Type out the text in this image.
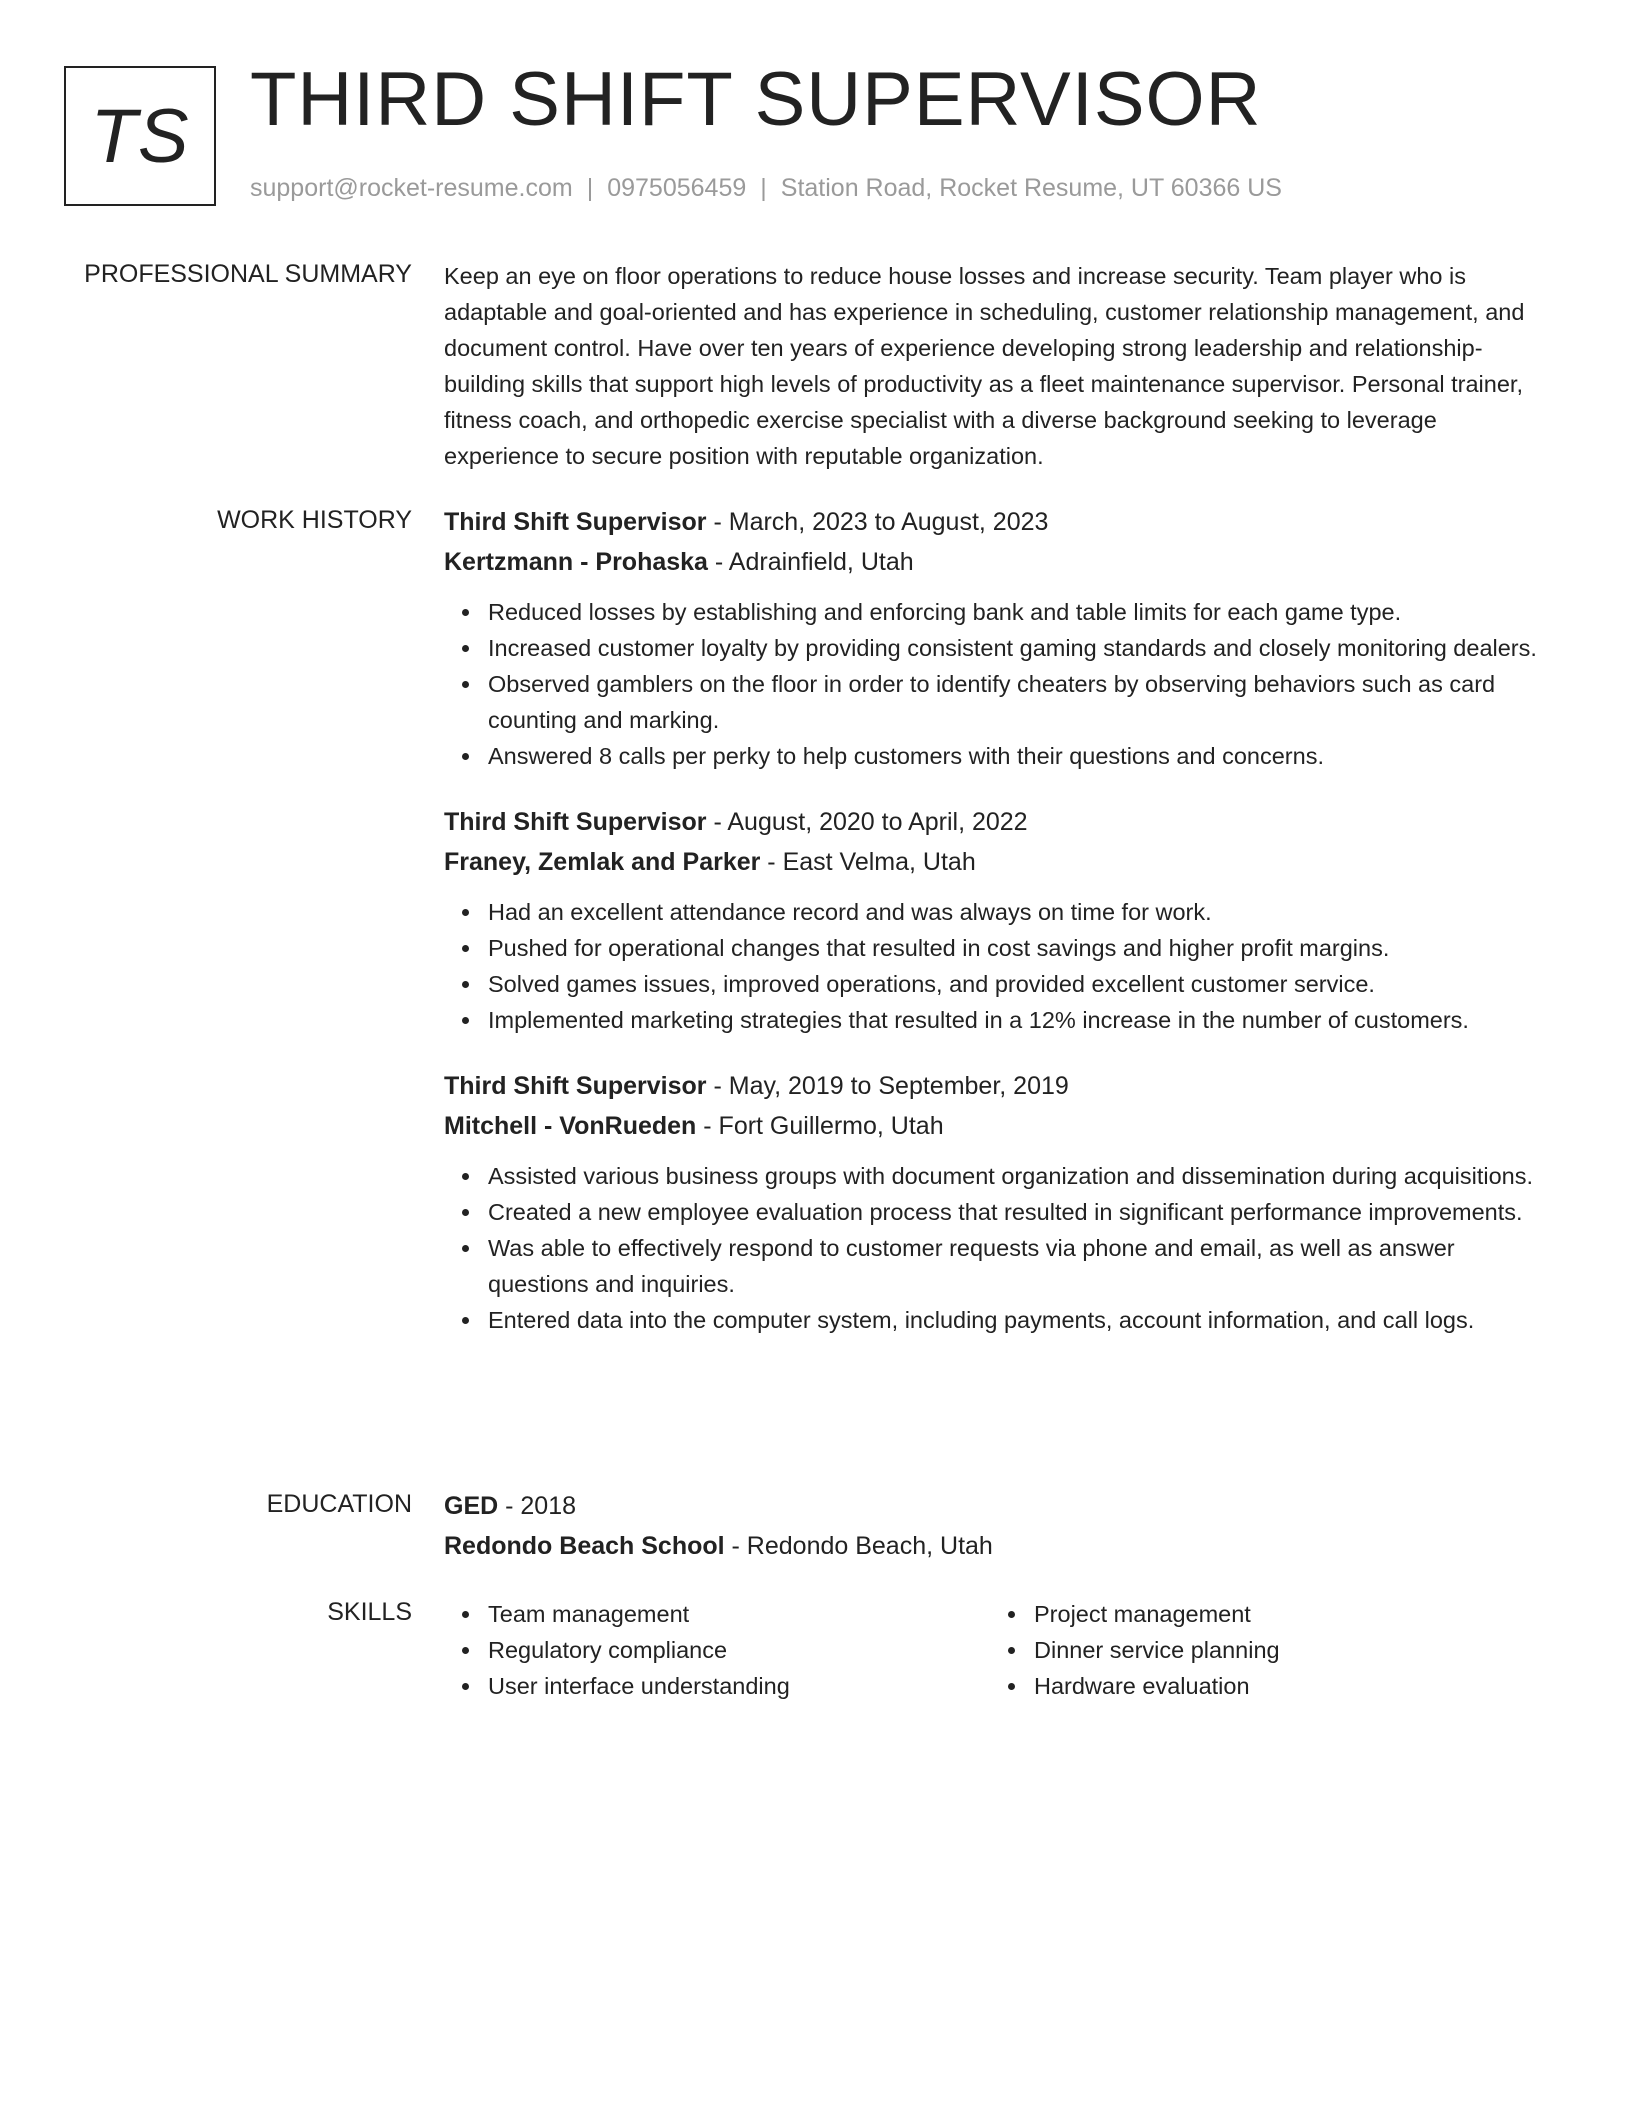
TS THIRD SHIFT SUPERVISOR
support@rocket-resume.com | 0975056459 | Station Road, Rocket Resume, UT 60366 US
PROFESSIONAL SUMMARY Keep an eye on floor operations to reduce house losses and increase security. Team player who is adaptable and goal-oriented and has experience in scheduling, customer relationship management, and document control. Have over ten years of experience developing strong leadership and relationship-building skills that support high levels of productivity as a fleet maintenance supervisor. Personal trainer, fitness coach, and orthopedic exercise specialist with a diverse background seeking to leverage experience to secure position with reputable organization.

WORK HISTORY Third Shift Supervisor - March, 2023 to August, 2023
Kertzmann - Prohaska - Adrainfield, Utah
Reduced losses by establishing and enforcing bank and table limits for each game type.
Increased customer loyalty by providing consistent gaming standards and closely monitoring dealers.
Observed gamblers on the floor in order to identify cheaters by observing behaviors such as card counting and marking.
Answered 8 calls per perky to help customers with their questions and concerns.
Third Shift Supervisor - August, 2020 to April, 2022
Franey, Zemlak and Parker - East Velma, Utah
Had an excellent attendance record and was always on time for work.
Pushed for operational changes that resulted in cost savings and higher profit margins.
Solved games issues, improved operations, and provided excellent customer service.
Implemented marketing strategies that resulted in a 12% increase in the number of customers.
Third Shift Supervisor - May, 2019 to September, 2019
Mitchell - VonRueden - Fort Guillermo, Utah
Assisted various business groups with document organization and dissemination during acquisitions.
Created a new employee evaluation process that resulted in significant performance improvements.
Was able to effectively respond to customer requests via phone and email, as well as answer questions and inquiries.
Entered data into the computer system, including payments, account information, and call logs.
EDUCATION GED - 2018
Redondo Beach School - Redondo Beach, Utah
SKILLS	Team management
Regulatory compliance
User interface understanding
Project management
Dinner service planning
Hardware evaluation
